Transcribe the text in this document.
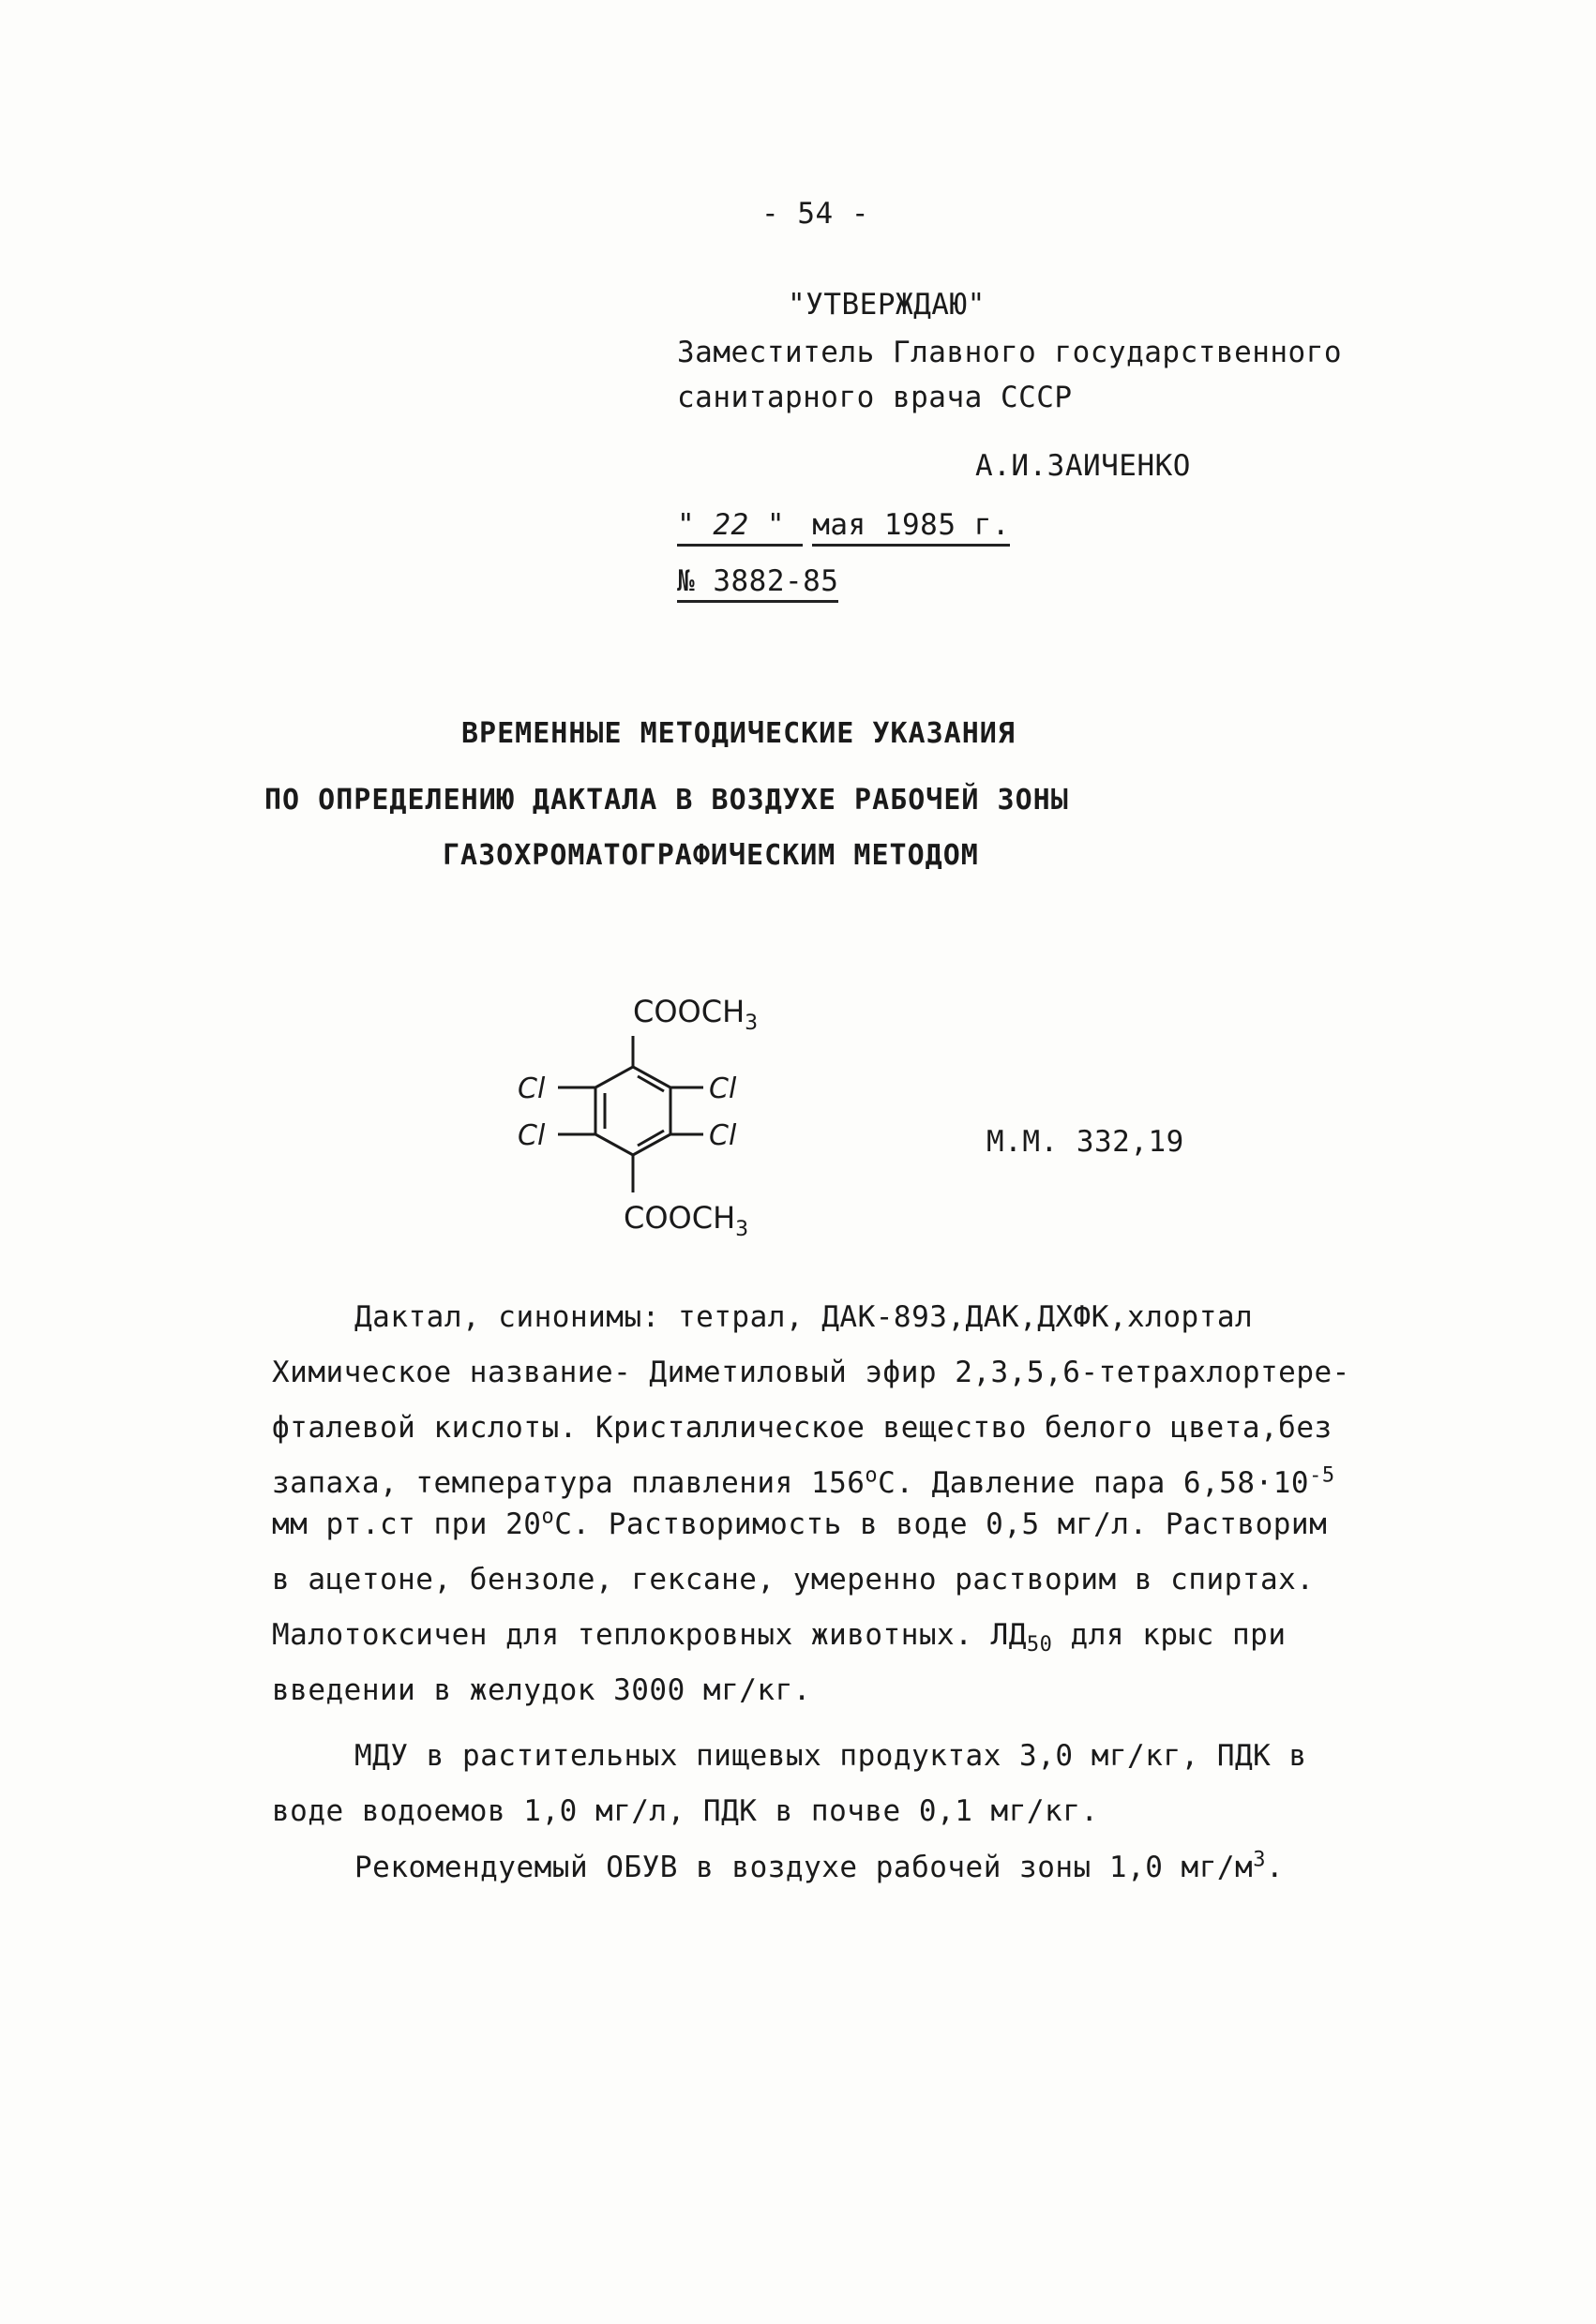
- 54 -
"УТВЕРЖДАЮ"
Заместитель Главного государственного
санитарного врача СССР
А.И.ЗАИЧЕНКО
" 22 " мая 1985 г.
№ 3882-85
ВРЕМЕННЫЕ МЕТОДИЧЕСКИЕ УКАЗАНИЯ
ПО ОПРЕДЕЛЕНИЮ ДАКТАЛА В ВОЗДУХЕ РАБОЧЕЙ ЗОНЫ
ГАЗОХРОМАТОГРАФИЧЕСКИМ МЕТОДОМ
$COOCH_3$
$COOCH_3$
Cl
Cl
Cl
Cl	М.М. 332,19
Дактал, синонимы: тетрал, ДАК-893,ДАК,ДХФК,хлортал
Химическое название- Диметиловый эфир 2,3,5,6-тетрахлортере-
фталевой кислоты. Кристаллическое вещество белого цвета,без
запаха, температура плавления $156^оС$. Давление пара $6,58\cdot 10^{-5}$
мм рт.ст при $20^оС$. Растворимость в воде 0,5 мг/л. Растворим
в ацетоне, бензоле, гексане, умеренно растворим в спиртах.
Малотоксичен для теплокровных животных. $ЛД_{50}$ для крыс при
введении в желудок 3000 мг/кг.
МДУ в растительных пищевых продуктах 3,0 мг/кг, ПДК в
воде водоемов 1,0 мг/л, ПДК в почве 0,1 мг/кг.
Рекомендуемый ОБУВ в воздухе рабочей зоны 1,0 $мг/м^3$.
